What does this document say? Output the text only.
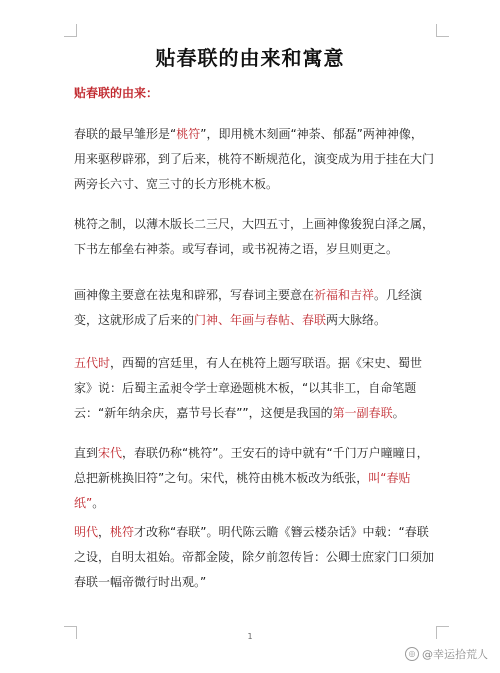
贴春联的由来和寓意
贴春联的由来：
春联的最早雏形是“桃符”，即用桃木刻画“神荼、郁磊”两神神像，用来驱秽辟邪，到了后来，桃符不断规范化，演变成为用于挂在大门两旁长六寸、宽三寸的长方形桃木板。
桃符之制，以薄木版长二三尺，大四五寸，上画神像狻猊白泽之属，下书左郁垒右神荼。或写春词，或书祝祷之语，岁旦则更之。
画神像主要意在祛鬼和辟邪，写春词主要意在祈福和吉祥。几经演变，这就形成了后来的门神、年画与春帖、春联两大脉络。
五代时，西蜀的宫廷里，有人在桃符上题写联语。据《宋史、蜀世家》说：后蜀主孟昶令学士章逊题桃木板，“以其非工，自命笔题云：“新年纳余庆，嘉节号长春””，这便是我国的第一副春联。
直到宋代，春联仍称“桃符”。王安石的诗中就有“千门万户曈曈日，总把新桃换旧符”之句。宋代，桃符由桃木板改为纸张，叫“春贴纸”。
明代，桃符才改称“春联”。明代陈云瞻《簪云楼杂话》中载：“春联之设，自明太祖始。帝都金陵，除夕前忽传旨：公卿士庶家门口须加春联一幅帝微行时出观。”
1
◎ @幸运拾荒人
